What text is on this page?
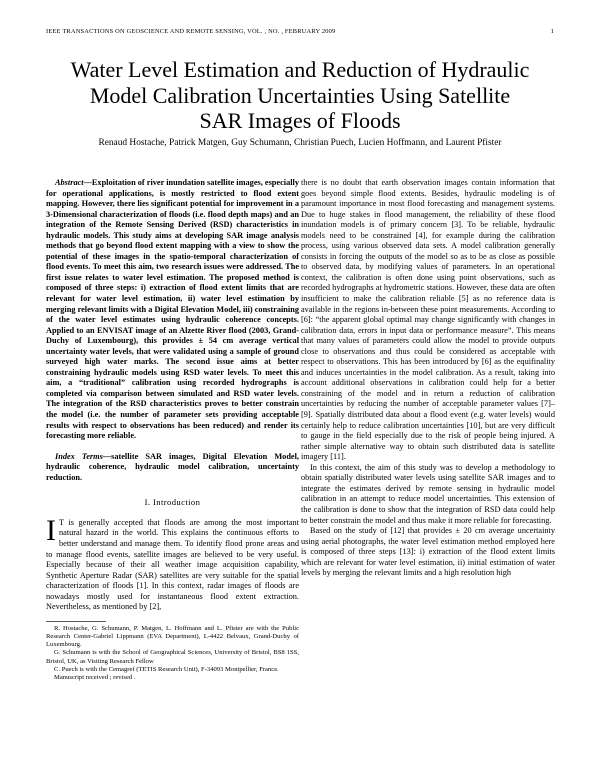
IEEE TRANSACTIONS ON GEOSCIENCE AND REMOTE SENSING, VOL. , NO. , FEBRUARY 2009	1
Water Level Estimation and Reduction of Hydraulic
Model Calibration Uncertainties Using Satellite
SAR Images of Floods
Renaud Hostache, Patrick Matgen, Guy Schumann, Christian Puech, Lucien Hoffmann, and Laurent Pfister

Abstract—Exploitation of river inundation satellite images, especially for operational applications, is mostly restricted to flood extent mapping. However, there lies significant potential for improvement in a 3-Dimensional characterization of floods (i.e. flood depth maps) and an integration of the Remote Sensing Derived (RSD) characteristics in hydraulic models. This study aims at developing SAR image analysis methods that go beyond flood extent mapping with a view to show the potential of these images in the spatio-temporal characterization of flood events. To meet this aim, two research issues were addressed. The first issue relates to water level estimation. The proposed method is composed of three steps: i) extraction of flood extent limits that are relevant for water level estimation, ii) water level estimation by merging relevant limits with a Digital Elevation Model, iii) constraining of the water level estimates using hydraulic coherence concepts. Applied to an ENVISAT image of an Alzette River flood (2003, Grand-Duchy of Luxembourg), this provides ± 54 cm average vertical uncertainty water levels, that were validated using a sample of ground surveyed high water marks. The second issue aims at better constraining hydraulic models using RSD water levels. To meet this aim, a “traditional” calibration using recorded hydrographs is completed via comparison between simulated and RSD water levels. The integration of the RSD characteristics proves to better constrain the model (i.e. the number of parameter sets providing acceptable results with respect to observations has been reduced) and render its forecasting more reliable.

Index Terms—satellite SAR images, Digital Elevation Model, hydraulic coherence, hydraulic model calibration, uncertainty reduction.

I. Introduction

I T is generally accepted that floods are among the most important natural hazard in the world. This explains the continuous efforts to better understand and manage them. To identify flood prone areas and to manage flood events, satellite images are believed to be very useful. Especially because of their all weather image acquisition capability, Synthetic Aperture Radar (SAR) satellites are very suitable for the spatial characterization of floods [1]. In this context, radar images of floods are nowadays mostly used for instantaneous flood extent extraction. Nevertheless, as mentioned by [2],

R. Hostache, G. Schumann, P. Matgen, L. Hoffmann and L. Pfister are with the Public Research Center-Gabriel Lippmann (EVA Department), L-4422 Belvaux, Grand-Duchy of Luxembourg.

G. Schumann is with the School of Geographical Sciences, University of Bristol, BS8 1SS, Bristol, UK, as Visiting Research Fellow

C. Puech is with the Cemagref (TETIS Research Unit), F-34093 Montpellier, France.

Manuscript received ; revised .

there is no doubt that earth observation images contain information that goes beyond simple flood extents. Besides, hydraulic modeling is of paramount importance in most flood forecasting and management systems. Due to huge stakes in flood management, the reliability of these flood inundation models is of primary concern [3]. To be reliable, hydraulic models need to be constrained [4], for example during the calibration process, using various observed data sets. A model calibration generally consists in forcing the outputs of the model so as to be as close as possible to observed data, by modifying values of parameters. In an operational context, the calibration is often done using point observations, such as recorded hydrographs at hydrometric stations. However, these data are often insufficient to make the calibration reliable [5] as no reference data is available in the regions in-between these point measurements. According to [6]: “the apparent global optimal may change significantly with changes in calibration data, errors in input data or performance measure”. This means that many values of parameters could allow the model to provide outputs close to observations and thus could be considered as acceptable with respect to observations. This has been introduced by [6] as the equifinality and induces uncertainties in the model calibration. As a result, taking into account additional observations in calibration could help for a better constraining of the model and in return a reduction of calibration uncertainties by reducing the number of acceptable parameter values [7]–[9]. Spatially distributed data about a flood event (e.g. water levels) would certainly help to reduce calibration uncertainties [10], but are very difficult to gauge in the field especially due to the risk of people being injured. A rather simple alternative way to obtain such distributed data is satellite imagery [11].

In this context, the aim of this study was to develop a methodology to obtain spatially distributed water levels using satellite SAR images and to integrate the estimates derived by remote sensing in hydraulic model calibration in an attempt to reduce model uncertainties. This extension of the calibration is done to show that the integration of RSD data could help to better constrain the model and thus make it more reliable for forecasting.

Based on the study of [12] that provides ± 20 cm average uncertainty using aerial photographs, the water level estimation method employed here is composed of three steps [13]: i) extraction of the flood extent limits which are relevant for water level estimation, ii) initial estimation of water levels by merging the relevant limits and a high resolution high
